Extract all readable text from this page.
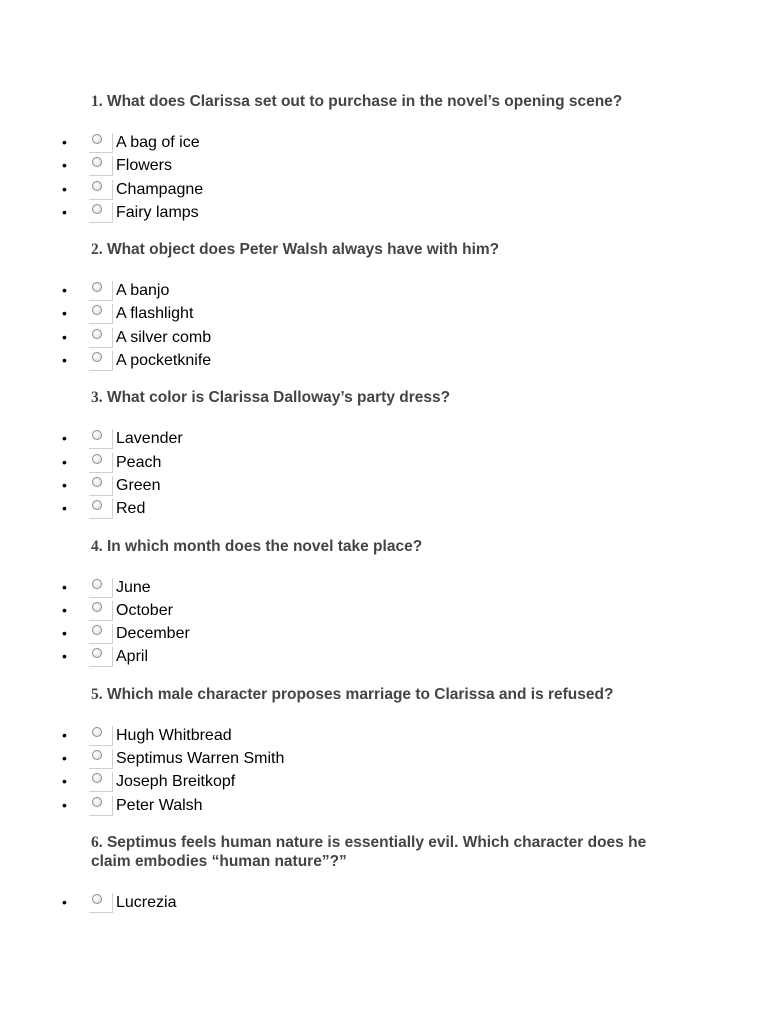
1. What does Clarissa set out to purchase in the novel’s opening scene?
•	A bag of ice
•	Flowers
•	Champagne
•	Fairy lamps
2. What object does Peter Walsh always have with him?
•	A banjo
•	A flashlight
•	A silver comb
•	A pocketknife
3. What color is Clarissa Dalloway’s party dress?
•	Lavender
•	Peach
•	Green
•	Red
4. In which month does the novel take place?
•	June
•	October
•	December
•	April
5. Which male character proposes marriage to Clarissa and is refused?
•	Hugh Whitbread
•	Septimus Warren Smith
•	Joseph Breitkopf
•	Peter Walsh
6. Septimus feels human nature is essentially evil. Which character does he claim embodies “human nature”?”
•	Lucrezia
